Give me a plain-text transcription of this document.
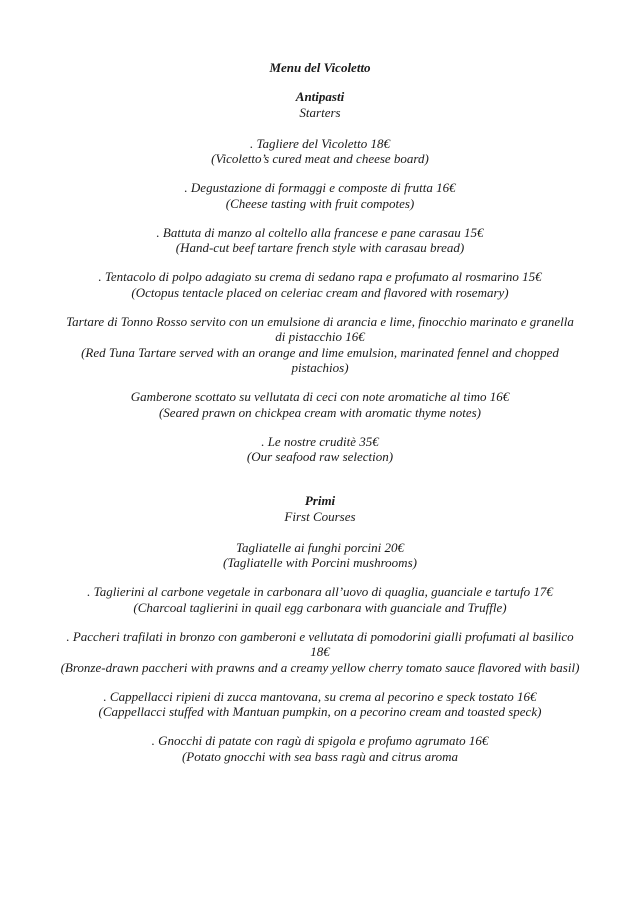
Menu del Vicoletto
Antipasti
Starters
. Tagliere del Vicoletto 18€
(Vicoletto’s cured meat and cheese board)
. Degustazione di formaggi e composte di frutta 16€
(Cheese tasting with fruit compotes)
. Battuta di manzo al coltello alla francese e pane carasau 15€
(Hand-cut beef tartare french style with carasau bread)
. Tentacolo di polpo adagiato su crema di sedano rapa e profumato al rosmarino 15€
(Octopus tentacle placed on celeriac cream and flavored with rosemary)
Tartare di Tonno Rosso servito con un emulsione di arancia e lime, finocchio marinato e granella di pistacchio 16€
(Red Tuna Tartare served with an orange and lime emulsion, marinated fennel and chopped pistachios)
Gamberone scottato su vellutata di ceci con note aromatiche al timo 16€
(Seared prawn on chickpea cream with aromatic thyme notes)
. Le nostre cruditè 35€
(Our seafood raw selection)
Primi
First Courses
Tagliatelle ai funghi porcini 20€
(Tagliatelle with Porcini mushrooms)
. Taglierini al carbone vegetale in carbonara all’uovo di quaglia, guanciale e tartufo 17€
(Charcoal taglierini in quail egg carbonara with guanciale and Truffle)
. Paccheri trafilati in bronzo con gamberoni e vellutata di pomodorini gialli profumati al basilico 18€
(Bronze-drawn paccheri with prawns and a creamy yellow cherry tomato sauce flavored with basil)
. Cappellacci ripieni di zucca mantovana, su crema al pecorino e speck tostato 16€
(Cappellacci stuffed with Mantuan pumpkin, on a pecorino cream and toasted speck)
. Gnocchi di patate con ragù di spigola e profumo agrumato 16€
(Potato gnocchi with sea bass ragù and citrus aroma
